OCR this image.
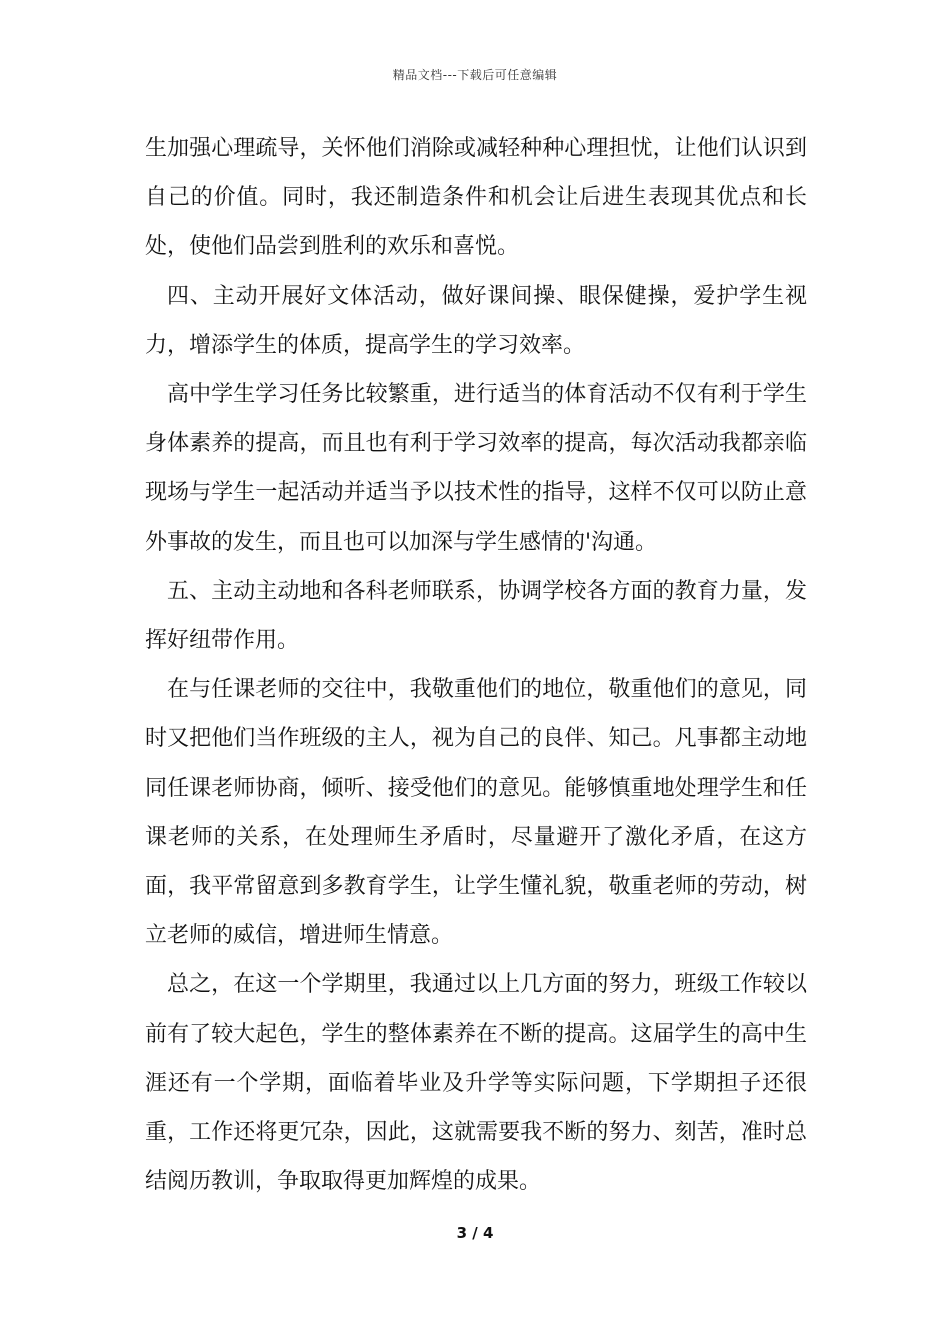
精品文档---下载后可任意编辑

生加强心理疏导，关怀他们消除或减轻种种心理担忧，让他们认识到自己的价值。同时，我还制造条件和机会让后进生表现其优点和长处，使他们品尝到胜利的欢乐和喜悦。

四、主动开展好文体活动，做好课间操、眼保健操，爱护学生视力，增添学生的体质，提高学生的学习效率。

高中学生学习任务比较繁重，进行适当的体育活动不仅有利于学生身体素养的提高，而且也有利于学习效率的提高，每次活动我都亲临现场与学生一起活动并适当予以技术性的指导，这样不仅可以防止意外事故的发生，而且也可以加深与学生感情的'沟通。

五、主动主动地和各科老师联系，协调学校各方面的教育力量，发挥好纽带作用。

在与任课老师的交往中，我敬重他们的地位，敬重他们的意见，同时又把他们当作班级的主人，视为自己的良伴、知己。凡事都主动地同任课老师协商，倾听、接受他们的意见。能够慎重地处理学生和任课老师的关系，在处理师生矛盾时，尽量避开了激化矛盾，在这方面，我平常留意到多教育学生，让学生懂礼貌，敬重老师的劳动，树立老师的威信，增进师生情意。

总之，在这一个学期里，我通过以上几方面的努力，班级工作较以前有了较大起色，学生的整体素养在不断的提高。这届学生的高中生涯还有一个学期，面临着毕业及升学等实际问题，下学期担子还很重，工作还将更冗杂，因此，这就需要我不断的努力、刻苦，准时总结阅历教训，争取取得更加辉煌的成果。

3 / 4
